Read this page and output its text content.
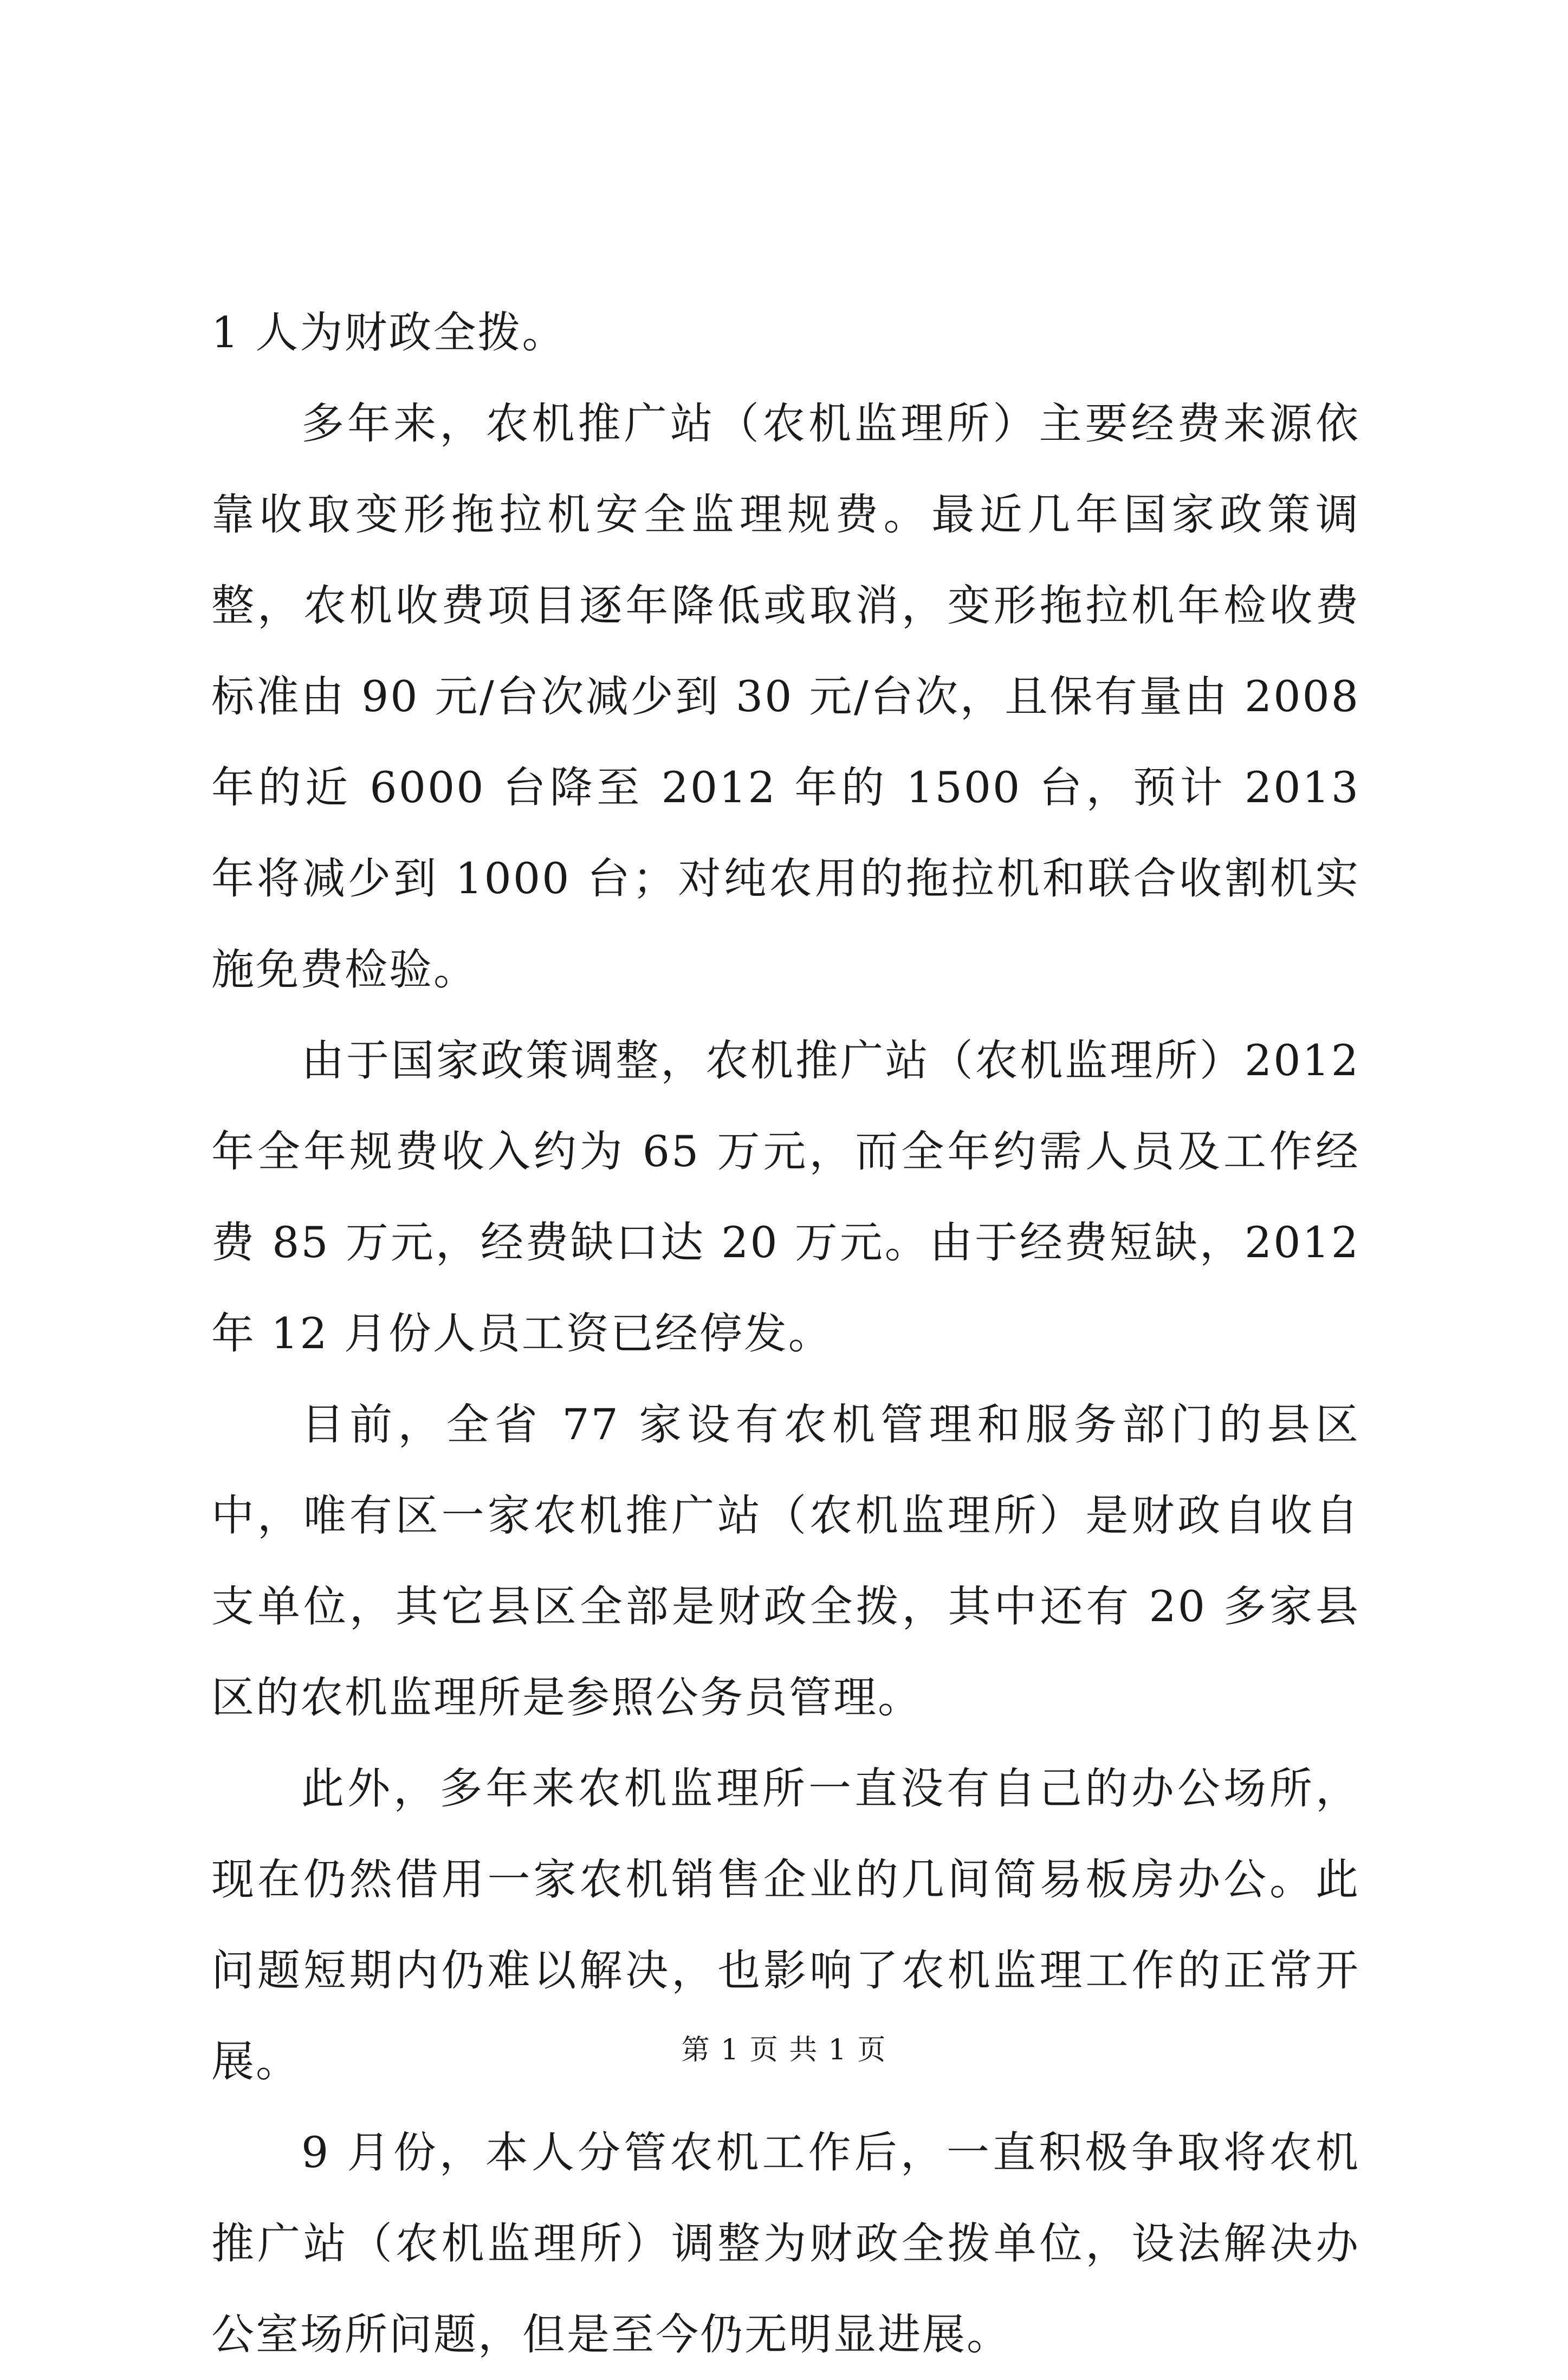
1 人为财政全拨。

多年来，农机推广站（农机监理所）主要经费来源依靠收取变形拖拉机安全监理规费。最近几年国家政策调整，农机收费项目逐年降低或取消，变形拖拉机年检收费标准由 90 元/台次减少到 30 元/台次，且保有量由 2008 年的近 6000 台降至 2012 年的 1500 台，预计 2013 年将减少到 1000 台；对纯农用的拖拉机和联合收割机实施免费检验。

由于国家政策调整，农机推广站（农机监理所）2012 年全年规费收入约为 65 万元，而全年约需人员及工作经费 85 万元，经费缺口达 20 万元。由于经费短缺，2012 年 12 月份人员工资已经停发。

目前，全省 77 家设有农机管理和服务部门的县区中，唯有区一家农机推广站（农机监理所）是财政自收自支单位，其它县区全部是财政全拨，其中还有 20 多家县区的农机监理所是参照公务员管理。

此外，多年来农机监理所一直没有自己的办公场所，现在仍然借用一家农机销售企业的几间简易板房办公。此问题短期内仍难以解决，也影响了农机监理工作的正常开展。

9 月份，本人分管农机工作后，一直积极争取将农机推广站（农机监理所）调整为财政全拨单位，设法解决办公室场所问题，但是至今仍无明显进展。

第 1 页 共 1 页
